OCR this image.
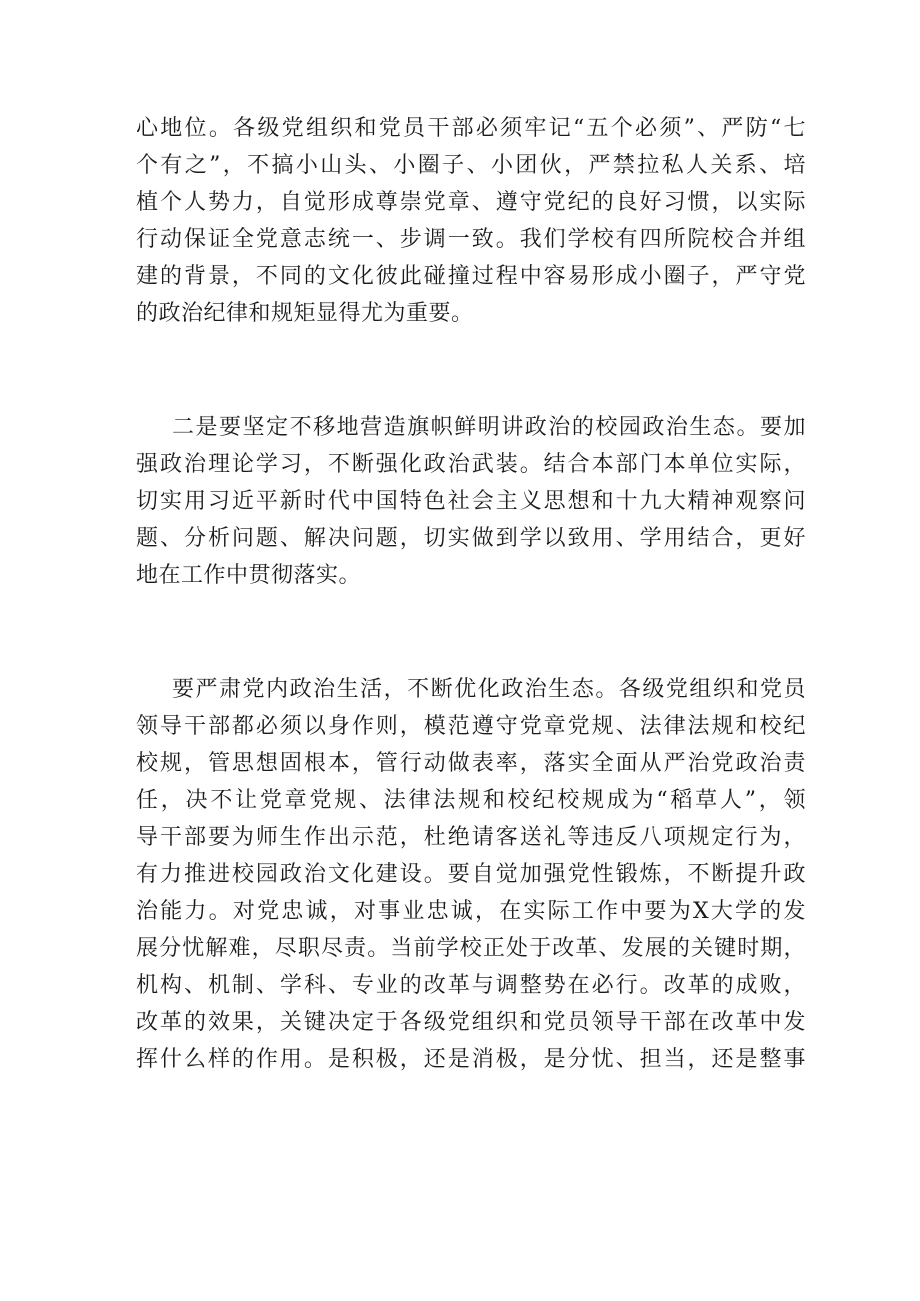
心地位。各级党组织和党员干部必须牢记“五个必须”、严防“七
个有之”，不搞小山头、小圈子、小团伙，严禁拉私人关系、培
植个人势力，自觉形成尊崇党章、遵守党纪的良好习惯，以实际
行动保证全党意志统一、步调一致。我们学校有四所院校合并组
建的背景，不同的文化彼此碰撞过程中容易形成小圈子，严守党
的政治纪律和规矩显得尤为重要。
二是要坚定不移地营造旗帜鲜明讲政治的校园政治生态。要加
强政治理论学习，不断强化政治武装。结合本部门本单位实际，
切实用习近平新时代中国特色社会主义思想和十九大精神观察问
题、分析问题、解决问题，切实做到学以致用、学用结合，更好
地在工作中贯彻落实。
要严肃党内政治生活，不断优化政治生态。各级党组织和党员
领导干部都必须以身作则，模范遵守党章党规、法律法规和校纪
校规，管思想固根本，管行动做表率，落实全面从严治党政治责
任，决不让党章党规、法律法规和校纪校规成为“稻草人”，领
导干部要为师生作出示范，杜绝请客送礼等违反八项规定行为，
有力推进校园政治文化建设。要自觉加强党性锻炼，不断提升政
治能力。对党忠诚，对事业忠诚，在实际工作中要为X大学的发
展分忧解难，尽职尽责。当前学校正处于改革、发展的关键时期，
机构、机制、学科、专业的改革与调整势在必行。改革的成败，
改革的效果，关键决定于各级党组织和党员领导干部在改革中发
挥什么样的作用。是积极，还是消极，是分忧、担当，还是整事
